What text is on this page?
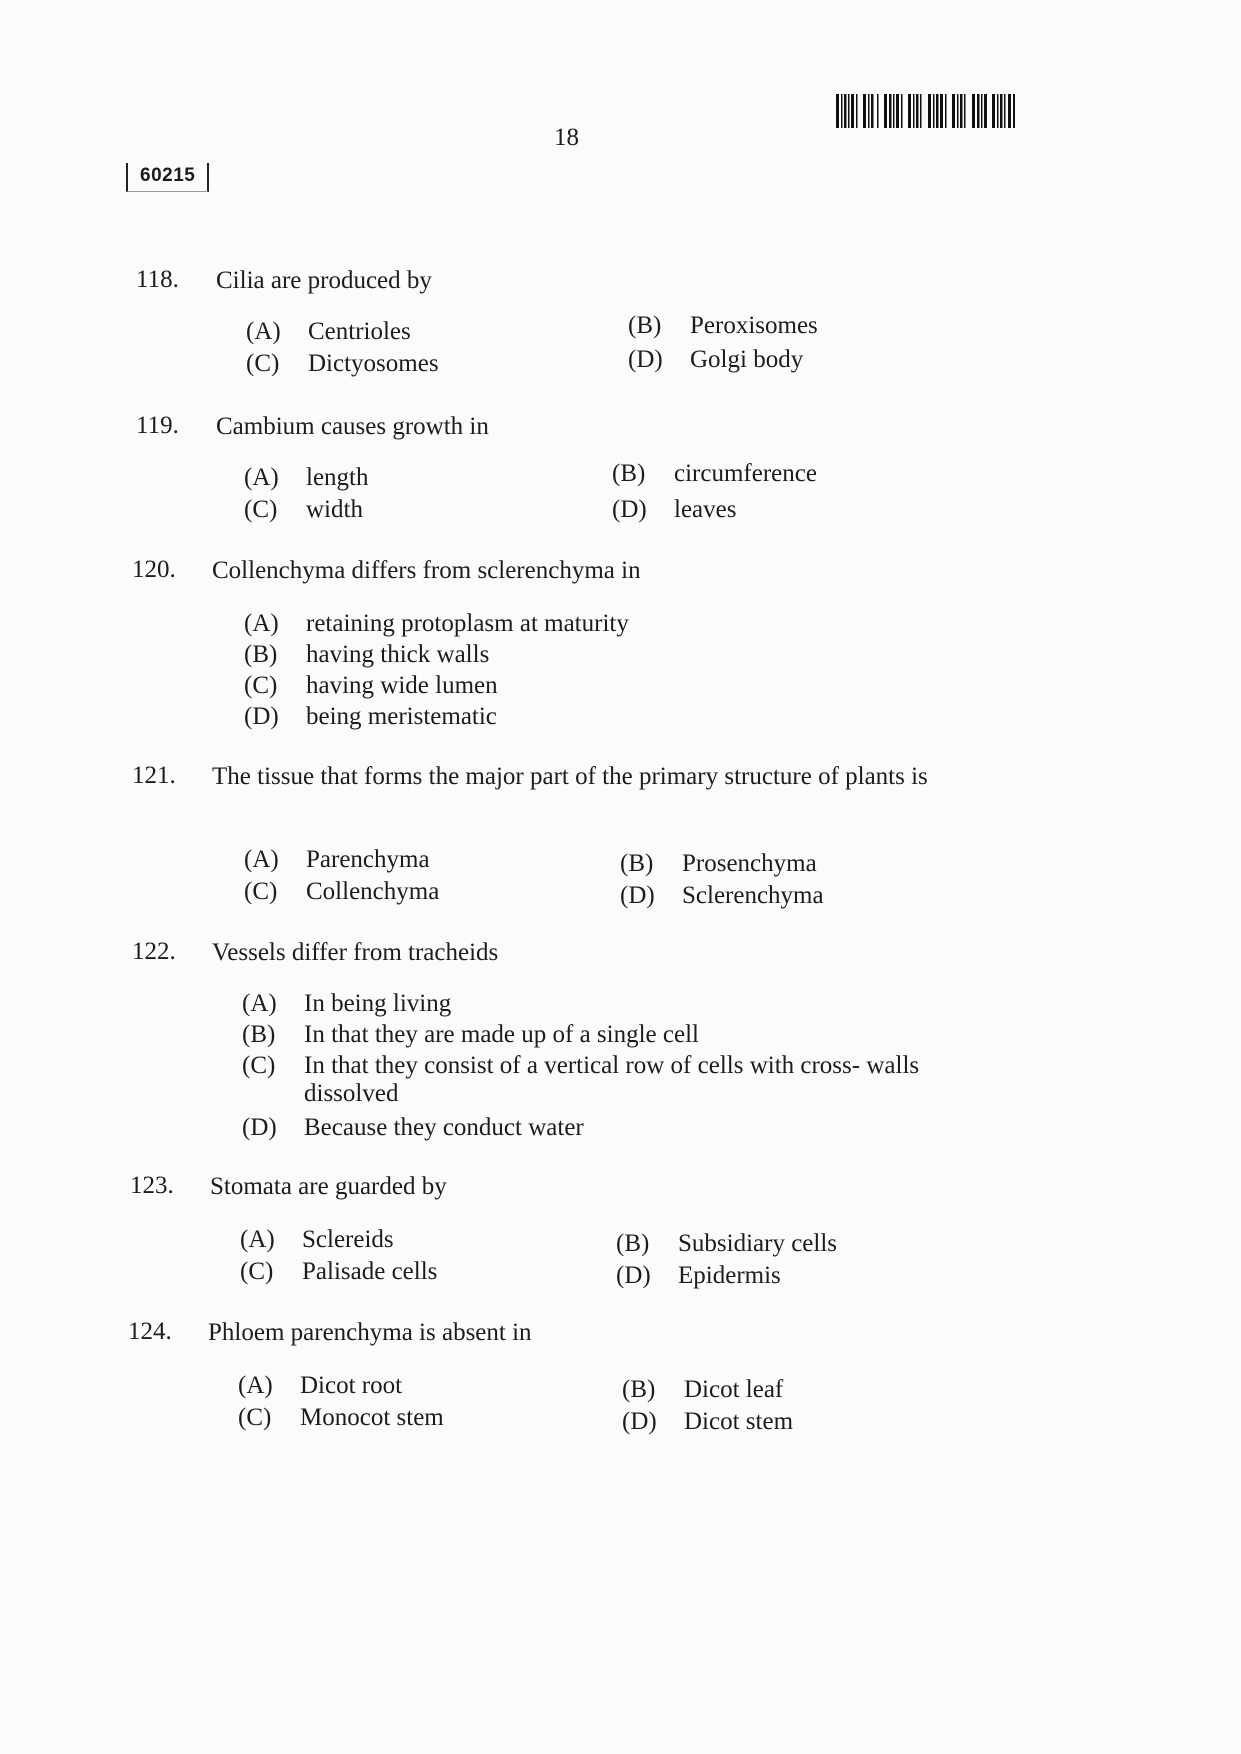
18
60215
118.	Cilia are produced by
(A) Centrioles	(B) Peroxisomes
(C) Dictyosomes	(D) Golgi body
119.	Cambium causes growth in
(A) length	(B) circumference
(C) width	(D) leaves
120.	Collenchyma differs from sclerenchyma in
(A) retaining protoplasm at maturity
(B) having thick walls
(C) having wide lumen
(D) being meristematic
121.	The tissue that forms the major part of the primary structure of plants is
(A) Parenchyma	(B) Prosenchyma
(C) Collenchyma	(D) Sclerenchyma
122.	Vessels differ from tracheids
(A) In being living
(B) In that they are made up of a single cell
(C) In that they consist of a vertical row of cells with cross- walls dissolved
(D) Because they conduct water
123.	Stomata are guarded by
(A) Sclereids	(B) Subsidiary cells
(C) Palisade cells	(D) Epidermis
124.	Phloem parenchyma is absent in
(A) Dicot root	(B) Dicot leaf
(C) Monocot stem	(D) Dicot stem
